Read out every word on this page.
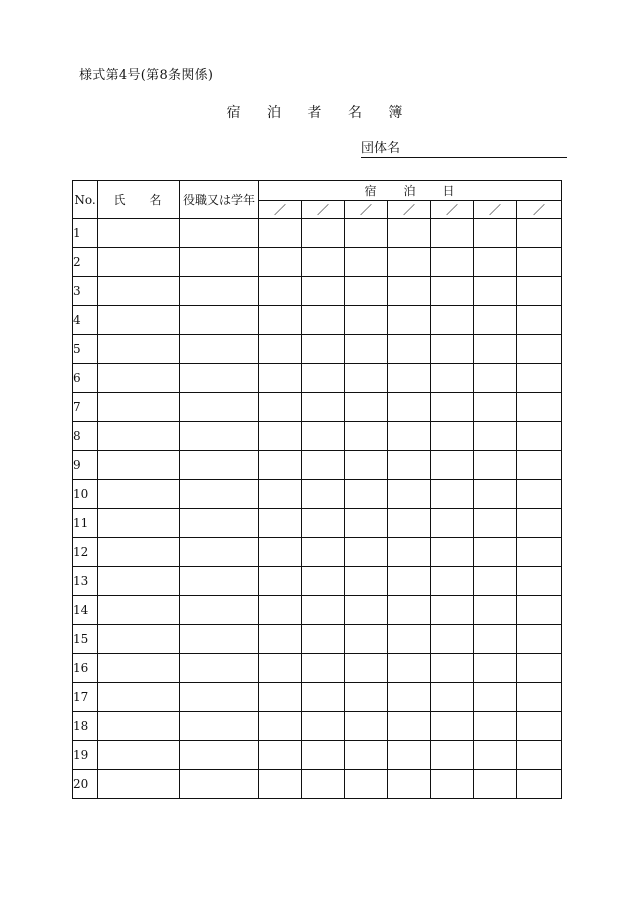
様式第4号(第8条関係)
宿 泊 者 名 簿
団体名
No.	氏 名	役職又は学年	宿 泊 日						
			／	／	／	／	／	／	／
1									
2									
3									
4									
5									
6									
7									
8									
9									
10									
11									
12									
13									
14									
15									
16									
17									
18									
19									
20									
